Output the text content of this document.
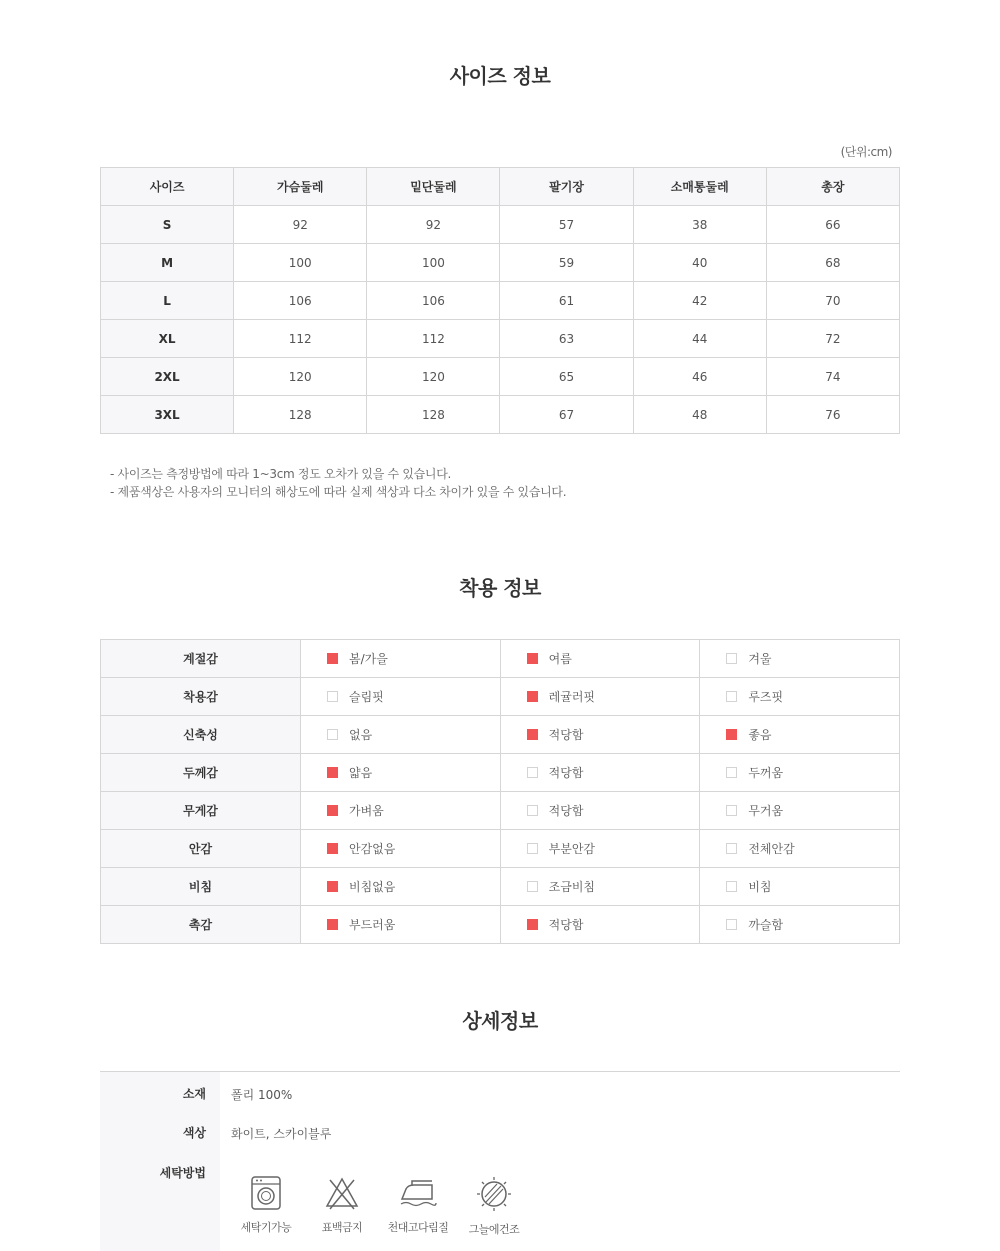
사이즈 정보
(단위:cm)
사이즈	가슴둘레	밑단둘레	팔기장	소매통둘레	총장
S	92	92	57	38	66
M	100	100	59	40	68
L	106	106	61	42	70
XL	112	112	63	44	72
2XL	120	120	65	46	74
3XL	128	128	67	48	76
- 사이즈는 측정방법에 따라 1~3cm 정도 오차가 있을 수 있습니다.
- 제품색상은 사용자의 모니터의 해상도에 따라 실제 색상과 다소 차이가 있을 수 있습니다.
착용 정보
계절감	봄/가을	여름	겨울

착용감	슬림핏	레귤러핏	루즈핏

신축성	없음	적당함	좋음

두께감	얇음	적당함	두꺼움

무게감	가벼움	적당함	무거움

안감	안감없음	부분안감	전체안감

비침	비침없음	조금비침	비침

촉감	부드러움	적당함	까슬함
상세정보
소재 폴리 100%
색상 화이트, 스카이블루
세탁방법
세탁기가능	표백금지	천대고다림질	그늘에건조
